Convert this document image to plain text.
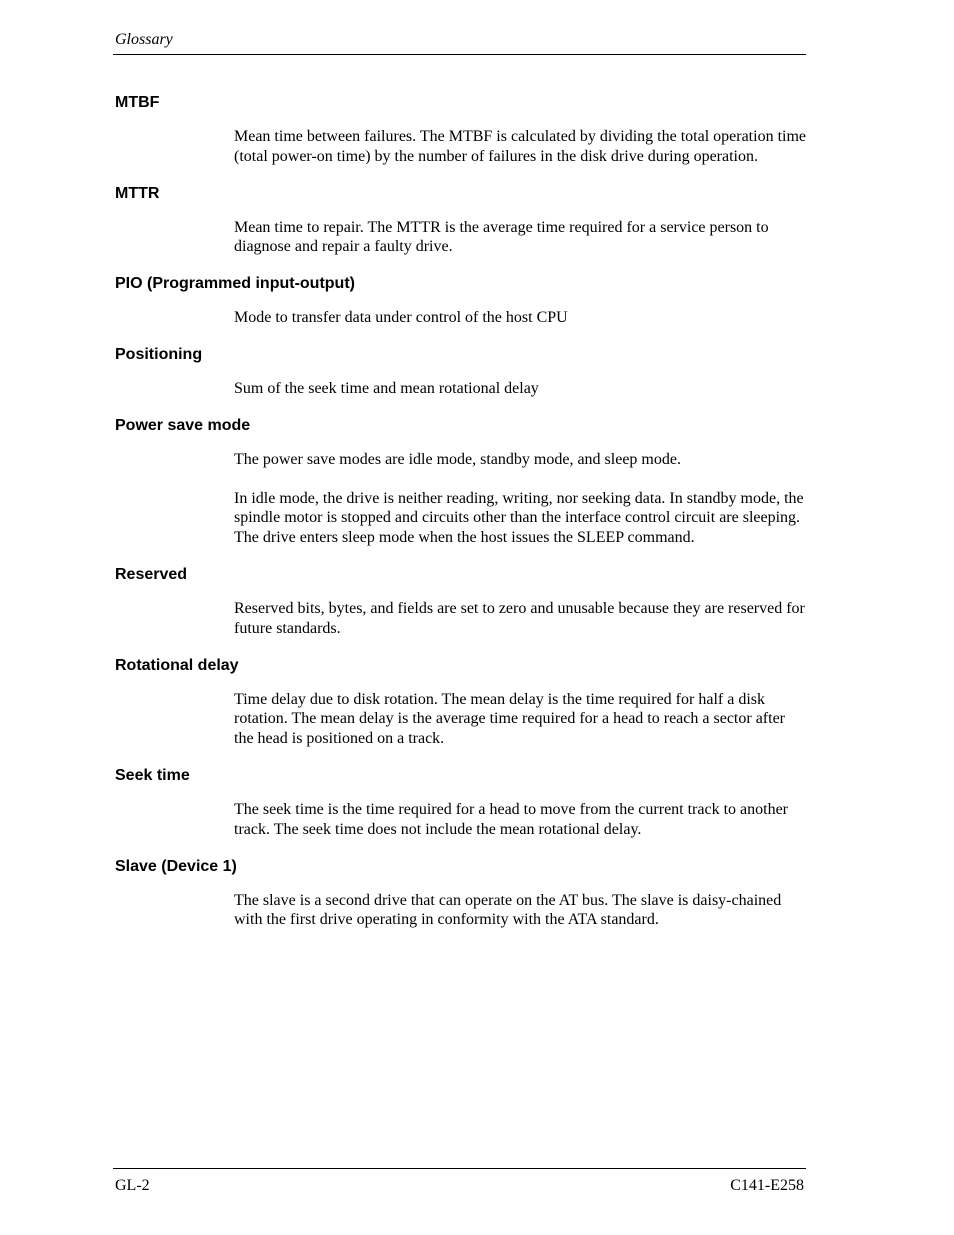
Glossary
MTBF
Mean time between failures. The MTBF is calculated by dividing the total operation time (total power-on time) by the number of failures in the disk drive during operation.
MTTR
Mean time to repair. The MTTR is the average time required for a service person to diagnose and repair a faulty drive.
PIO (Programmed input-output)
Mode to transfer data under control of the host CPU
Positioning
Sum of the seek time and mean rotational delay
Power save mode
The power save modes are idle mode, standby mode, and sleep mode.
In idle mode, the drive is neither reading, writing, nor seeking data. In standby mode, the spindle motor is stopped and circuits other than the interface control circuit are sleeping. The drive enters sleep mode when the host issues the SLEEP command.
Reserved
Reserved bits, bytes, and fields are set to zero and unusable because they are reserved for future standards.
Rotational delay
Time delay due to disk rotation. The mean delay is the time required for half a disk rotation. The mean delay is the average time required for a head to reach a sector after the head is positioned on a track.
Seek time
The seek time is the time required for a head to move from the current track to another track. The seek time does not include the mean rotational delay.
Slave (Device 1)
The slave is a second drive that can operate on the AT bus. The slave is daisy-chained with the first drive operating in conformity with the ATA standard.
GL-2	C141-E258
